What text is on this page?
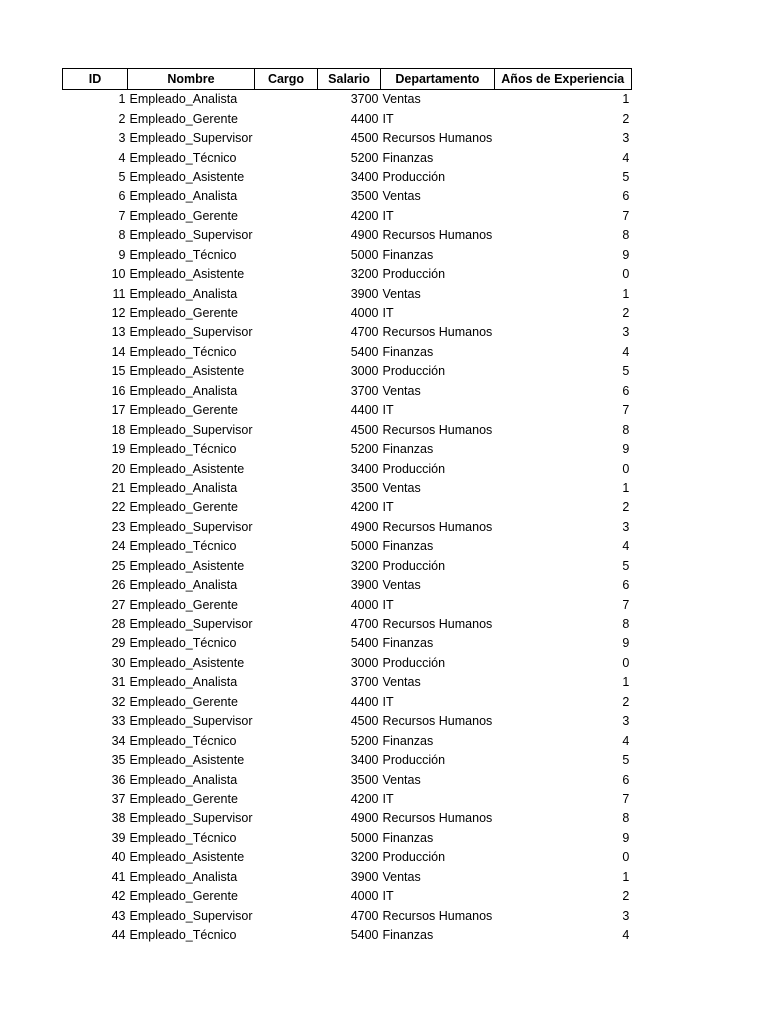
ID	Nombre	Cargo	Salario	Departamento	Años de Experiencia
1	Empleado_Analista		3700	Ventas	1
2	Empleado_Gerente		4400	IT	2
3	Empleado_Supervisor		4500	Recursos Humanos	3
4	Empleado_Técnico		5200	Finanzas	4
5	Empleado_Asistente		3400	Producción	5
6	Empleado_Analista		3500	Ventas	6
7	Empleado_Gerente		4200	IT	7
8	Empleado_Supervisor		4900	Recursos Humanos	8
9	Empleado_Técnico		5000	Finanzas	9
10	Empleado_Asistente		3200	Producción	0
11	Empleado_Analista		3900	Ventas	1
12	Empleado_Gerente		4000	IT	2
13	Empleado_Supervisor		4700	Recursos Humanos	3
14	Empleado_Técnico		5400	Finanzas	4
15	Empleado_Asistente		3000	Producción	5
16	Empleado_Analista		3700	Ventas	6
17	Empleado_Gerente		4400	IT	7
18	Empleado_Supervisor		4500	Recursos Humanos	8
19	Empleado_Técnico		5200	Finanzas	9
20	Empleado_Asistente		3400	Producción	0
21	Empleado_Analista		3500	Ventas	1
22	Empleado_Gerente		4200	IT	2
23	Empleado_Supervisor		4900	Recursos Humanos	3
24	Empleado_Técnico		5000	Finanzas	4
25	Empleado_Asistente		3200	Producción	5
26	Empleado_Analista		3900	Ventas	6
27	Empleado_Gerente		4000	IT	7
28	Empleado_Supervisor		4700	Recursos Humanos	8
29	Empleado_Técnico		5400	Finanzas	9
30	Empleado_Asistente		3000	Producción	0
31	Empleado_Analista		3700	Ventas	1
32	Empleado_Gerente		4400	IT	2
33	Empleado_Supervisor		4500	Recursos Humanos	3
34	Empleado_Técnico		5200	Finanzas	4
35	Empleado_Asistente		3400	Producción	5
36	Empleado_Analista		3500	Ventas	6
37	Empleado_Gerente		4200	IT	7
38	Empleado_Supervisor		4900	Recursos Humanos	8
39	Empleado_Técnico		5000	Finanzas	9
40	Empleado_Asistente		3200	Producción	0
41	Empleado_Analista		3900	Ventas	1
42	Empleado_Gerente		4000	IT	2
43	Empleado_Supervisor		4700	Recursos Humanos	3
44	Empleado_Técnico		5400	Finanzas	4
